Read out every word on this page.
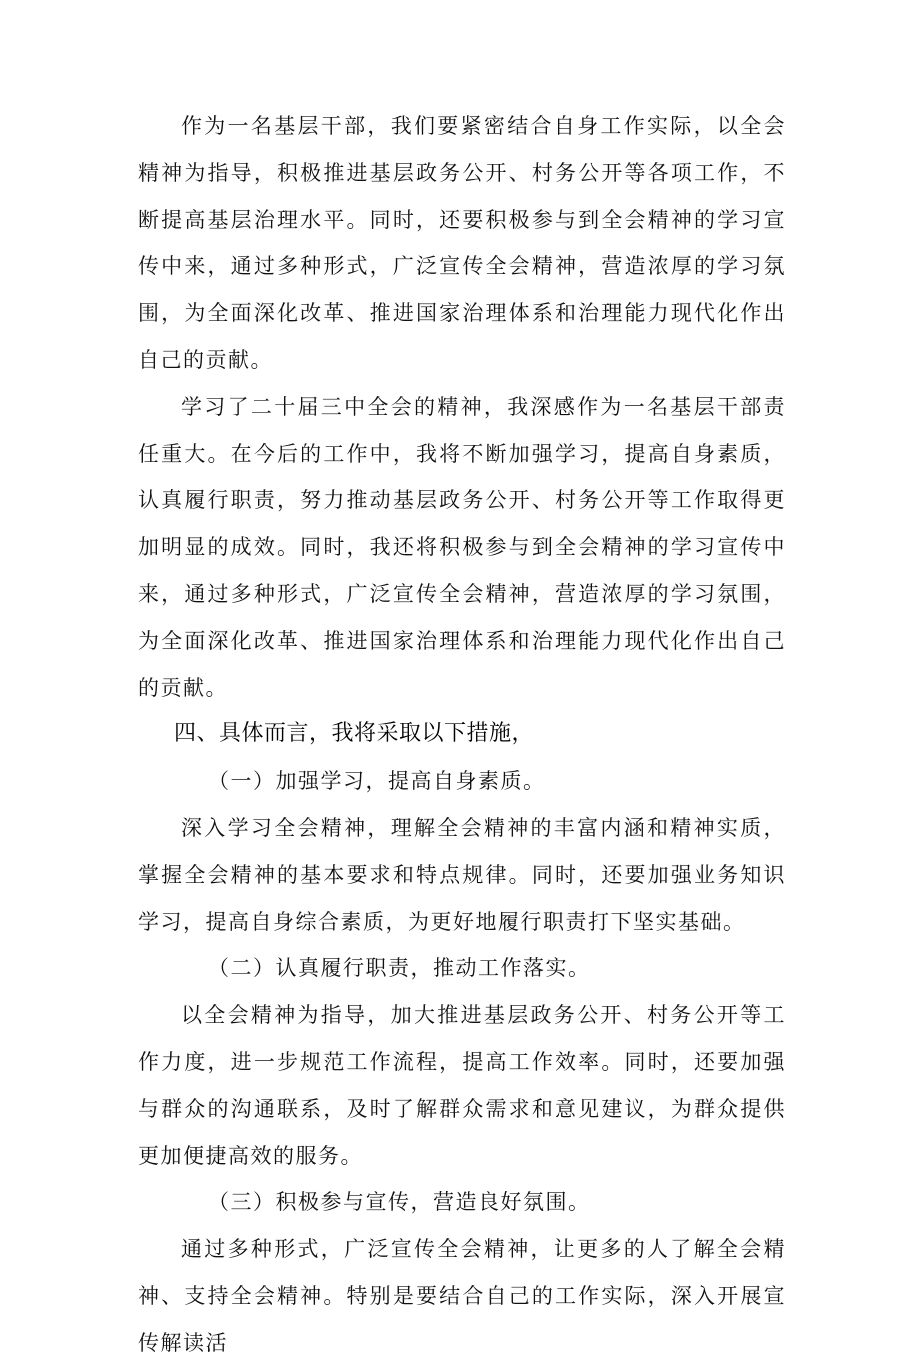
作为一名基层干部，我们要紧密结合自身工作实际，以全会精神为指导，积极推进基层政务公开、村务公开等各项工作，不断提高基层治理水平。同时，还要积极参与到全会精神的学习宣传中来，通过多种形式，广泛宣传全会精神，营造浓厚的学习氛围，为全面深化改革、推进国家治理体系和治理能力现代化作出自己的贡献。

学习了二十届三中全会的精神，我深感作为一名基层干部责任重大。在今后的工作中，我将不断加强学习，提高自身素质，认真履行职责，努力推动基层政务公开、村务公开等工作取得更加明显的成效。同时，我还将积极参与到全会精神的学习宣传中来，通过多种形式，广泛宣传全会精神，营造浓厚的学习氛围，为全面深化改革、推进国家治理体系和治理能力现代化作出自己的贡献。

四、具体而言，我将采取以下措施，

（一）加强学习，提高自身素质。

深入学习全会精神，理解全会精神的丰富内涵和精神实质，掌握全会精神的基本要求和特点规律。同时，还要加强业务知识学习，提高自身综合素质，为更好地履行职责打下坚实基础。

（二）认真履行职责，推动工作落实。

以全会精神为指导，加大推进基层政务公开、村务公开等工作力度，进一步规范工作流程，提高工作效率。同时，还要加强与群众的沟通联系，及时了解群众需求和意见建议，为群众提供更加便捷高效的服务。

（三）积极参与宣传，营造良好氛围。

通过多种形式，广泛宣传全会精神，让更多的人了解全会精神、支持全会精神。特别是要结合自己的工作实际，深入开展宣传解读活
